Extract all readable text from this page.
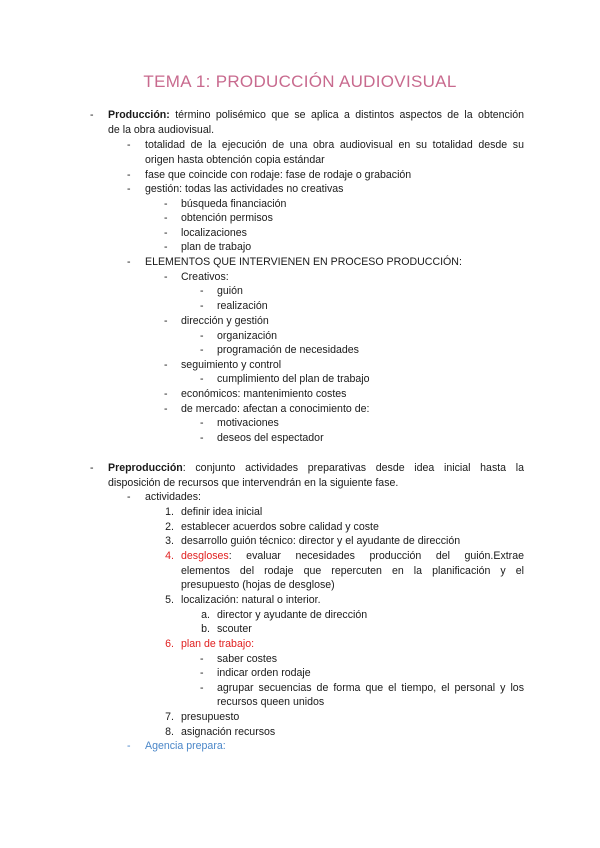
TEMA 1: PRODUCCIÓN AUDIOVISUAL
- Producción: término polisémico que se aplica a distintos aspectos de la obtención
de la obra audiovisual.
- totalidad de la ejecución de una obra audiovisual en su totalidad desde su
origen hasta obtención copia estándar
- fase que coincide con rodaje: fase de rodaje o grabación
- gestión: todas las actividades no creativas
- búsqueda financiación
- obtención permisos
- localizaciones
- plan de trabajo
- ELEMENTOS QUE INTERVIENEN EN PROCESO PRODUCCIÓN:
- Creativos:
- guión
- realización
- dirección y gestión
- organización
- programación de necesidades
- seguimiento y control
- cumplimiento del plan de trabajo
- económicos: mantenimiento costes
- de mercado: afectan a conocimiento de:
- motivaciones
- deseos del espectador
- Preproducción: conjunto actividades preparativas desde idea inicial hasta la
disposición de recursos que intervendrán en la siguiente fase.
- actividades:
1. definir idea inicial
2. establecer acuerdos sobre calidad y coste
3. desarrollo guión técnico: director y el ayudante de dirección
4. desgloses: evaluar necesidades producción del guión.Extrae
elementos del rodaje que repercuten en la planificación y el
presupuesto (hojas de desglose)
5. localización: natural o interior.
a. director y ayudante de dirección
b. scouter
6. plan de trabajo:
- saber costes
- indicar orden rodaje
- agrupar secuencias de forma que el tiempo, el personal y los
recursos queen unidos
7. presupuesto
8. asignación recursos
- Agencia prepara:
